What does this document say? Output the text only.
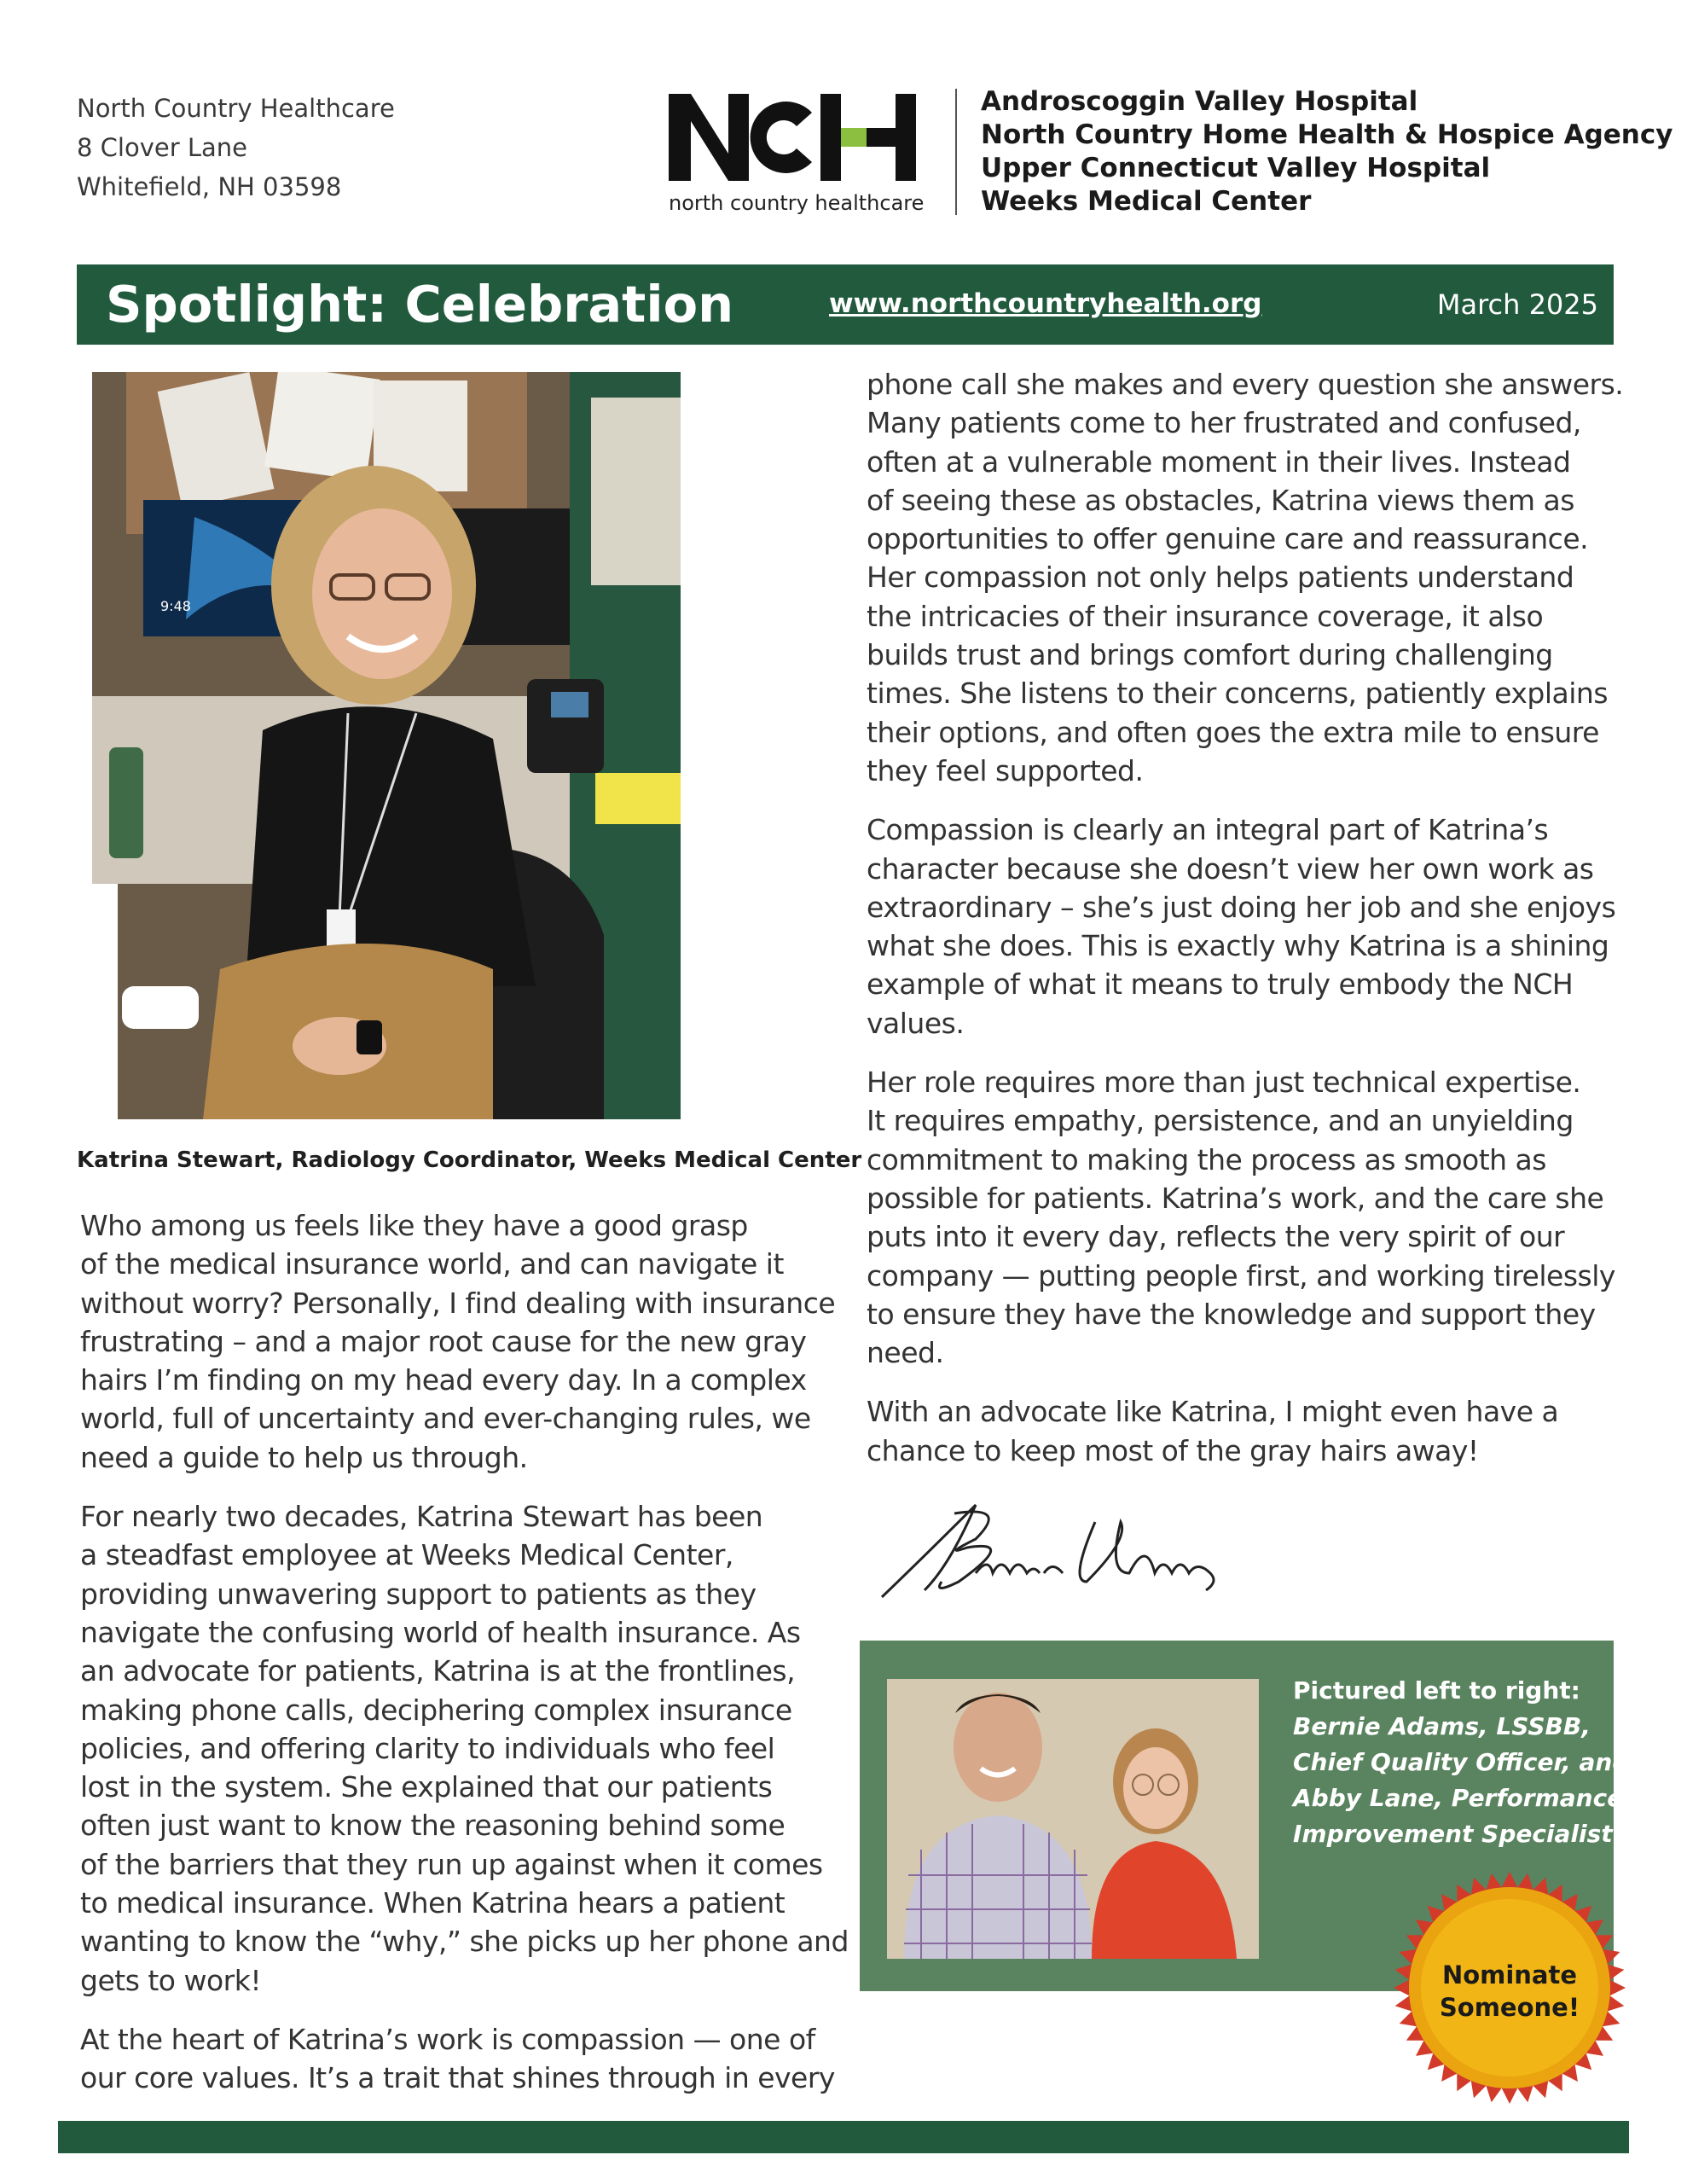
North Country Healthcare
8 Clover Lane
Whitefield, NH 03598
north country healthcare
Androscoggin Valley Hospital
North Country Home Health & Hospice Agency
Upper Connecticut Valley Hospital
Weeks Medical Center
Spotlight: Celebration	www.northcountryhealth.org	March 2025
9:48
Katrina Stewart, Radiology Coordinator, Weeks Medical Center

Who among us feels like they have a good grasp
of the medical insurance world, and can navigate it
without worry? Personally, I find dealing with insurance
frustrating – and a major root cause for the new gray
hairs I’m finding on my head every day. In a complex
world, full of uncertainty and ever-changing rules, we
need a guide to help us through.

For nearly two decades, Katrina Stewart has been
a steadfast employee at Weeks Medical Center,
providing unwavering support to patients as they
navigate the confusing world of health insurance. As
an advocate for patients, Katrina is at the frontlines,
making phone calls, deciphering complex insurance
policies, and offering clarity to individuals who feel
lost in the system. She explained that our patients
often just want to know the reasoning behind some
of the barriers that they run up against when it comes
to medical insurance. When Katrina hears a patient
wanting to know the “why,” she picks up her phone and
gets to work!

At the heart of Katrina’s work is compassion — one of
our core values. It’s a trait that shines through in every

phone call she makes and every question she answers.
Many patients come to her frustrated and confused,
often at a vulnerable moment in their lives. Instead
of seeing these as obstacles, Katrina views them as
opportunities to offer genuine care and reassurance.
Her compassion not only helps patients understand
the intricacies of their insurance coverage, it also
builds trust and brings comfort during challenging
times. She listens to their concerns, patiently explains
their options, and often goes the extra mile to ensure
they feel supported.

Compassion is clearly an integral part of Katrina’s
character because she doesn’t view her own work as
extraordinary – she’s just doing her job and she enjoys
what she does. This is exactly why Katrina is a shining
example of what it means to truly embody the NCH
values.

Her role requires more than just technical expertise.
It requires empathy, persistence, and an unyielding
commitment to making the process as smooth as
possible for patients. Katrina’s work, and the care she
puts into it every day, reflects the very spirit of our
company — putting people first, and working tirelessly
to ensure they have the knowledge and support they
need.

With an advocate like Katrina, I might even have a
chance to keep most of the gray hairs away!

Pictured left to right:
Bernie Adams, LSSBB,
Chief Quality Officer, and
Abby Lane, Performance
Improvement Specialist
Nominate
Someone!
